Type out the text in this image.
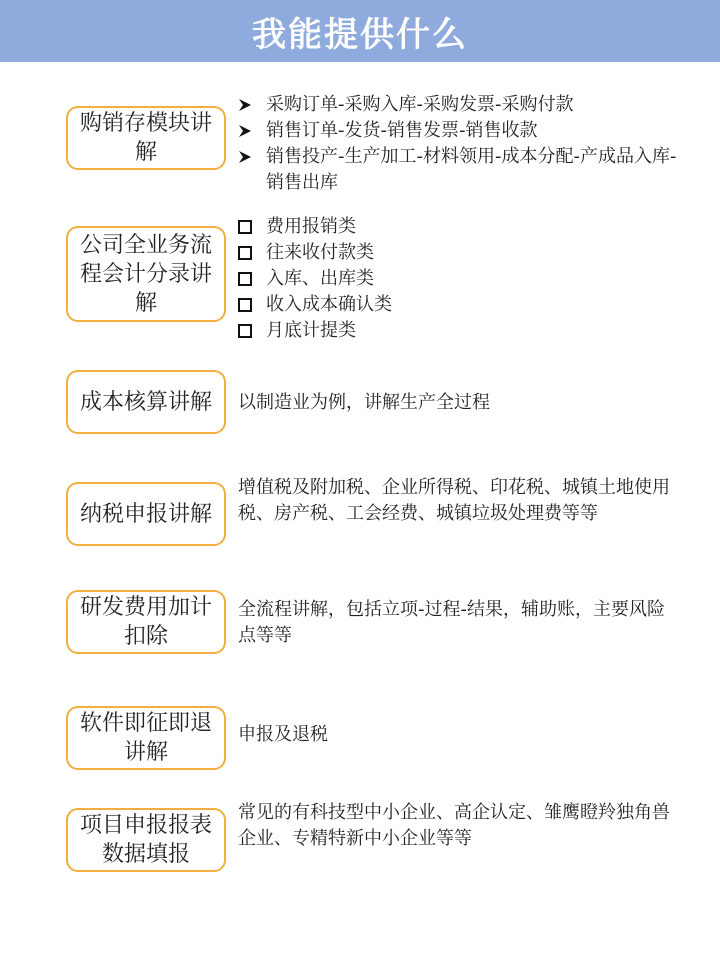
我能提供什么
购销存模块讲解
采购订单-采购入库-采购发票-采购付款
销售订单-发货-销售发票-销售收款
销售投产-生产加工-材料领用-成本分配-产成品入库-销售出库
公司全业务流程会计分录讲解
费用报销类
往来收付款类
入库、出库类
收入成本确认类
月底计提类
成本核算讲解 以制造业为例，讲解生产全过程
纳税申报讲解
增值税及附加税、企业所得税、印花税、城镇土地使用税、房产税、工会经费、城镇垃圾处理费等等
研发费用加计扣除
全流程讲解，包括立项-过程-结果，辅助账，主要风险点等等
软件即征即退讲解
申报及退税
项目申报报表数据填报
常见的有科技型中小企业、高企认定、雏鹰瞪羚独角兽企业、专精特新中小企业等等
